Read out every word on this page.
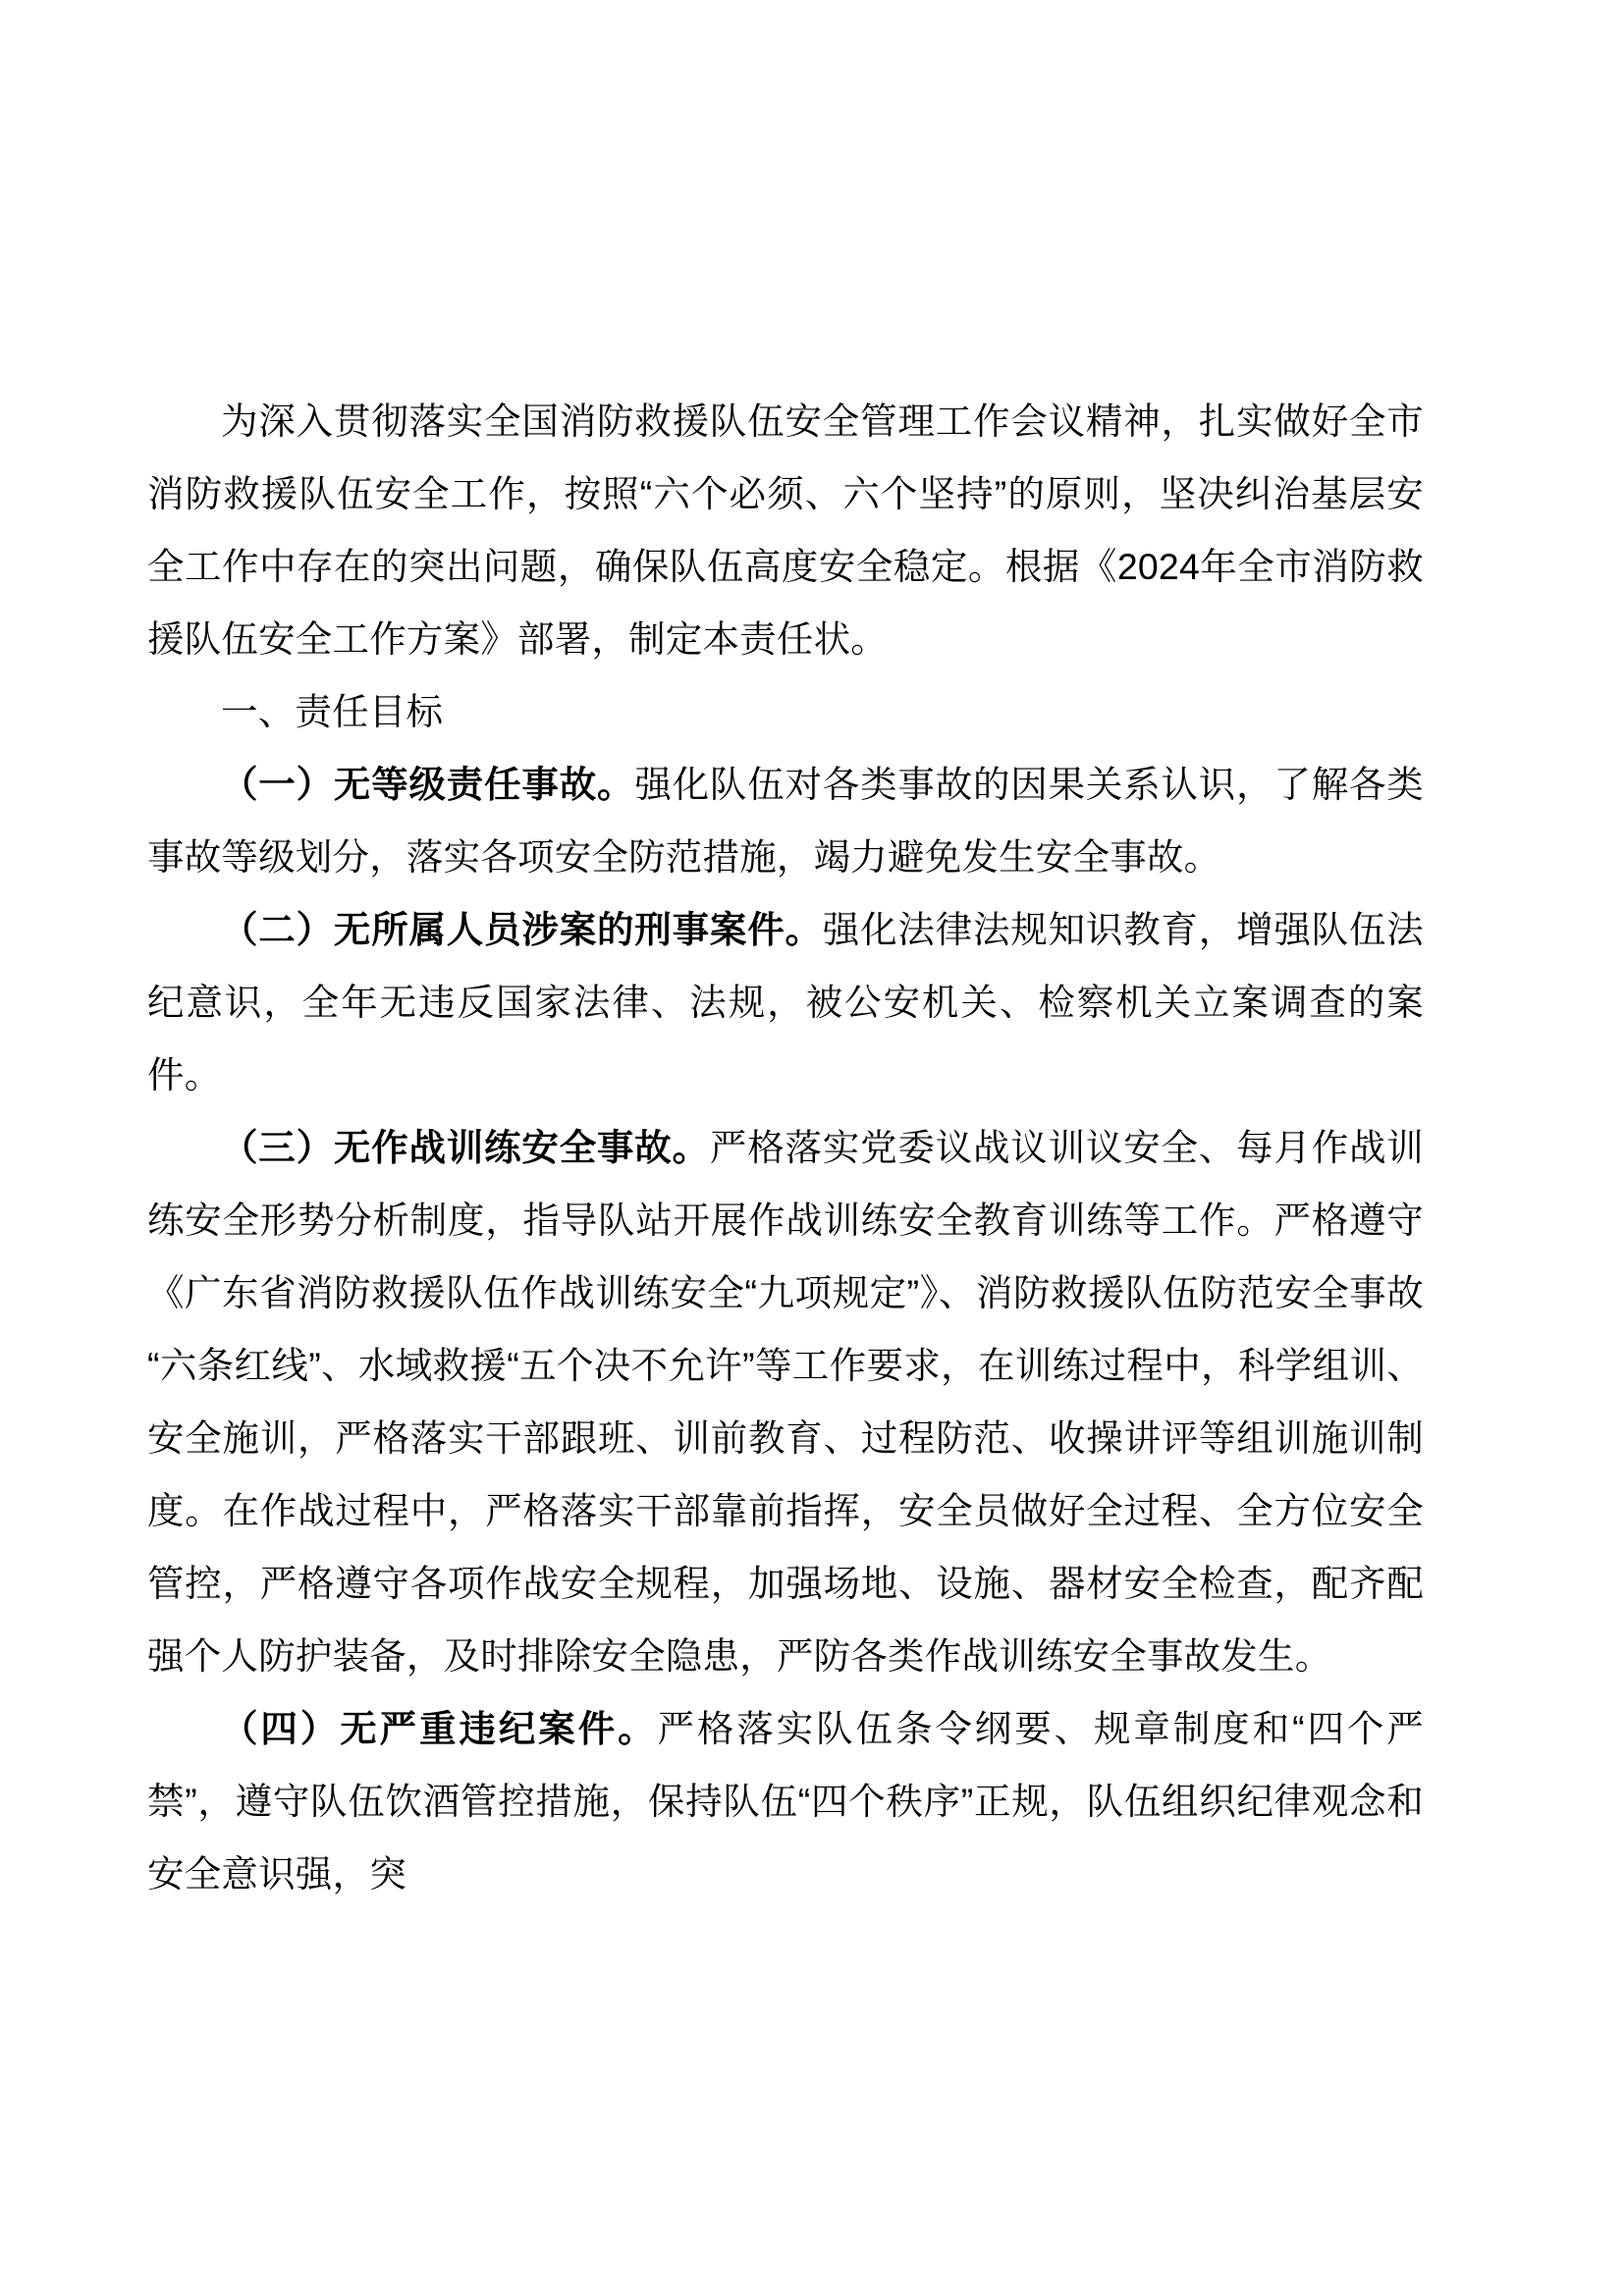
为深入贯彻落实全国消防救援队伍安全管理工作会议精神，扎实做好全市消防救援队伍安全工作，按照“六个必须、六个坚持”的原则，坚决纠治基层安全工作中存在的突出问题，确保队伍高度安全稳定。根据《2024年全市消防救援队伍安全工作方案》部署，制定本责任状。

一、责任目标

（一）无等级责任事故。强化队伍对各类事故的因果关系认识，了解各类事故等级划分，落实各项安全防范措施，竭力避免发生安全事故。

（二）无所属人员涉案的刑事案件。强化法律法规知识教育，增强队伍法纪意识，全年无违反国家法律、法规，被公安机关、检察机关立案调查的案件。

（三）无作战训练安全事故。严格落实党委议战议训议安全、每月作战训练安全形势分析制度，指导队站开展作战训练安全教育训练等工作。严格遵守《广东省消防救援队伍作战训练安全“九项规定”》、消防救援队伍防范安全事故“六条红线”、水域救援“五个决不允许”等工作要求，在训练过程中，科学组训、安全施训，严格落实干部跟班、训前教育、过程防范、收操讲评等组训施训制度。在作战过程中，严格落实干部靠前指挥，安全员做好全过程、全方位安全管控，严格遵守各项作战安全规程，加强场地、设施、器材安全检查，配齐配强个人防护装备，及时排除安全隐患，严防各类作战训练安全事故发生。

（四）无严重违纪案件。严格落实队伍条令纲要、规章制度和“四个严禁”，遵守队伍饮酒管控措施，保持队伍“四个秩序”正规，队伍组织纪律观念和安全意识强，突
